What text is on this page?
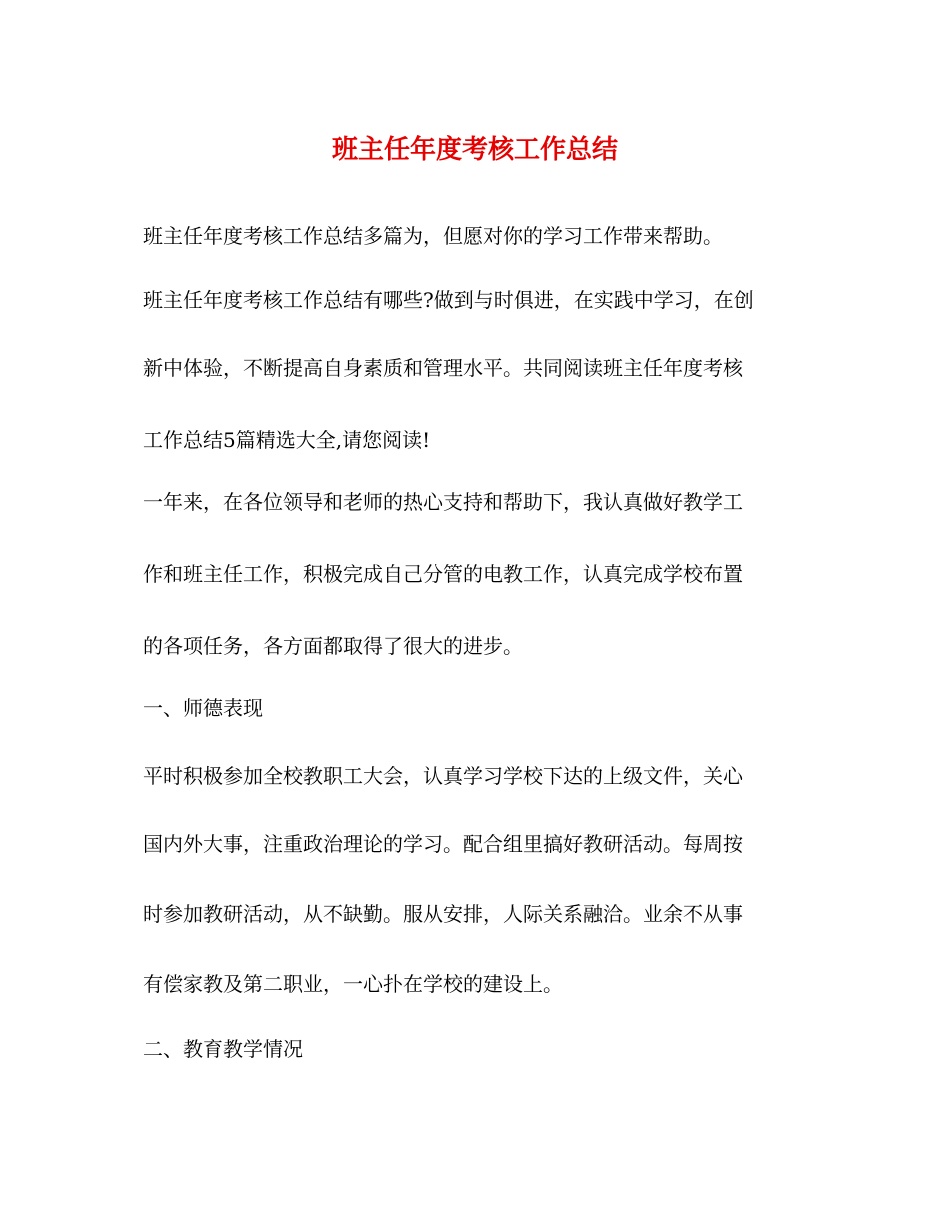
班主任年度考核工作总结

班主任年度考核工作总结多篇为，但愿对你的学习工作带来帮助。

班主任年度考核工作总结有哪些?做到与时俱进，在实践中学习，在创

新中体验，不断提高自身素质和管理水平。共同阅读班主任年度考核

工作总结5篇精选大全,请您阅读!

一年来，在各位领导和老师的热心支持和帮助下，我认真做好教学工

作和班主任工作，积极完成自己分管的电教工作，认真完成学校布置

的各项任务，各方面都取得了很大的进步。

一、师德表现

平时积极参加全校教职工大会，认真学习学校下达的上级文件，关心

国内外大事，注重政治理论的学习。配合组里搞好教研活动。每周按

时参加教研活动，从不缺勤。服从安排，人际关系融洽。业余不从事

有偿家教及第二职业，一心扑在学校的建设上。

二、教育教学情况
